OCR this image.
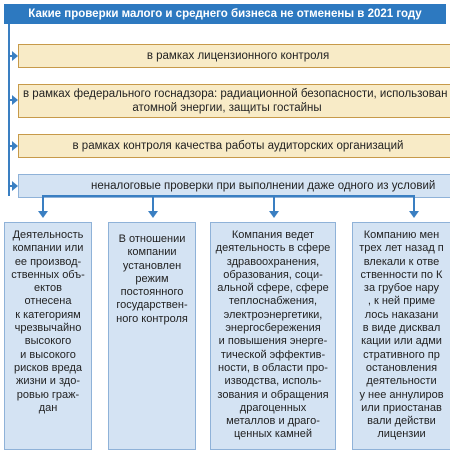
Какие проверки малого и среднего бизнеса не отменены в 2021 году
в рамках лицензионного контроля
в рамках федерального госнадзора: радиационной безопасности, использован
атомной энергии, защиты гостайны
в рамках контроля качества работы аудиторских организаций
неналоговые проверки при выполнении даже одного из условий
Деятельность
компании или
ее производ-
ственных объ-
ектов
отнесена
к категориям
чрезвычайно
высокого
и высокого
рисков вреда
жизни и здо-
ровью граж-
дан
В отношении
компании
установлен
режим
постоянного
государствен-
ного контроля
Компания ведет
деятельность в сфере
здравоохранения,
образования, соци-
альной сфере, сфере
теплоснабжения,
электроэнергетики,
энергосбережения
и повышения энерге-
тической эффектив-
ности, в области про-
изводства, исполь-
зования и обращения
драгоценных
металлов и драго-
ценных камней
Компанию мен
трех лет назад п
влекали к отве
ственности по К
за грубое нару
, к ней приме
лось наказани
в виде дисквал
кации или адми
стративного пр
остановления
деятельности
у нее аннулиров
или приостанав
вали действи
лицензии
